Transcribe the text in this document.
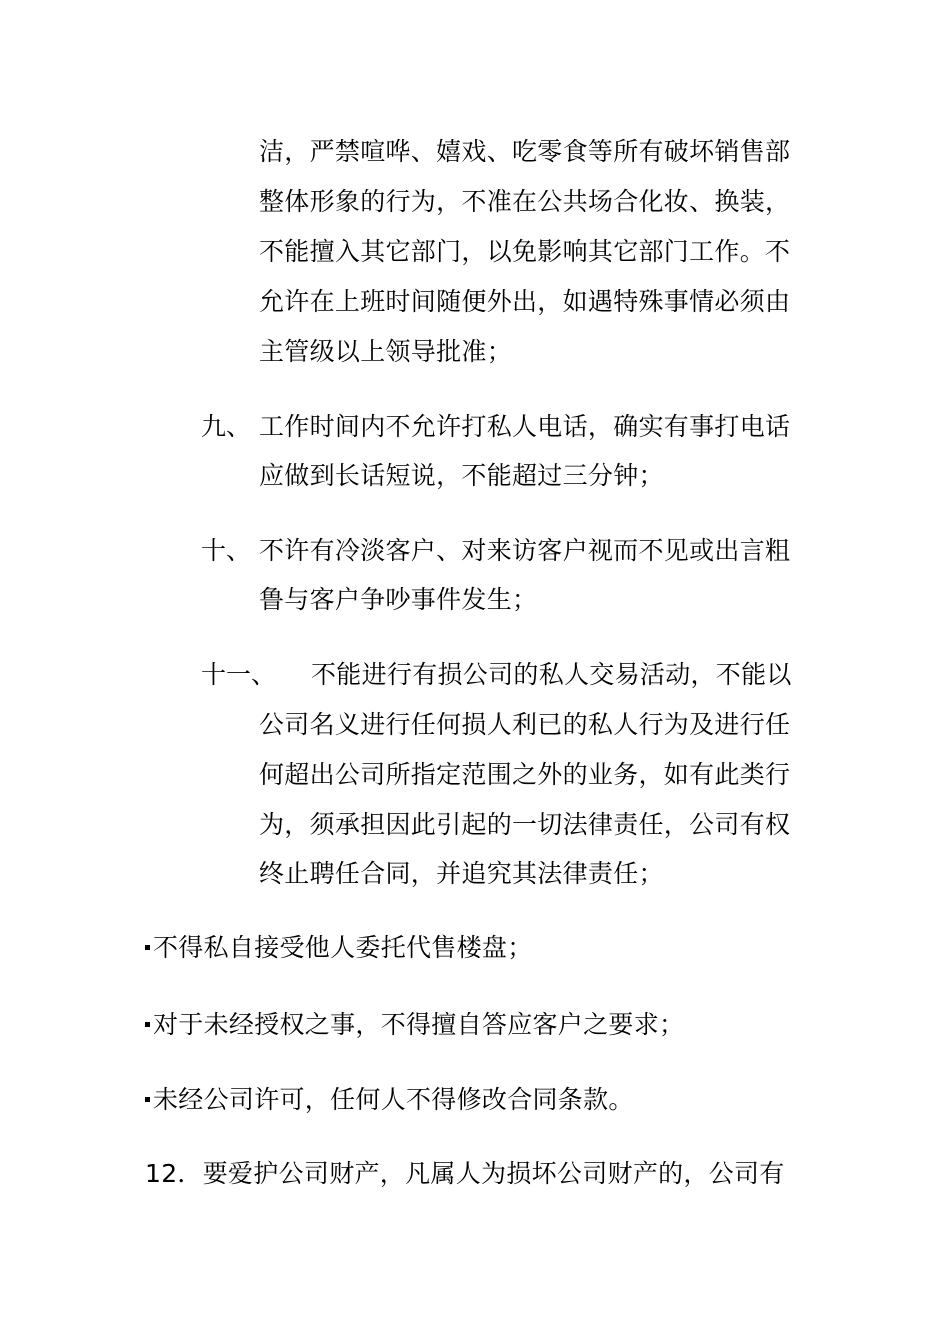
洁，严禁喧哗、嬉戏、吃零食等所有破坏销售部
整体形象的行为，不准在公共场合化妆、换装，
不能擅入其它部门，以免影响其它部门工作。不
允许在上班时间随便外出，如遇特殊事情必须由
主管级以上领导批准；
九、 工作时间内不允许打私人电话，确实有事打电话
应做到长话短说，不能超过三分钟；
十、 不许有冷淡客户、对来访客户视而不见或出言粗
鲁与客户争吵事件发生；
十一、 不能进行有损公司的私人交易活动，不能以
公司名义进行任何损人利已的私人行为及进行任
何超出公司所指定范围之外的业务，如有此类行
为，须承担因此引起的一切法律责任，公司有权
终止聘任合同，并追究其法律责任；
不得私自接受他人委托代售楼盘；
对于未经授权之事，不得擅自答应客户之要求；
未经公司许可，任何人不得修改合同条款。
12．要爱护公司财产，凡属人为损坏公司财产的，公司有
